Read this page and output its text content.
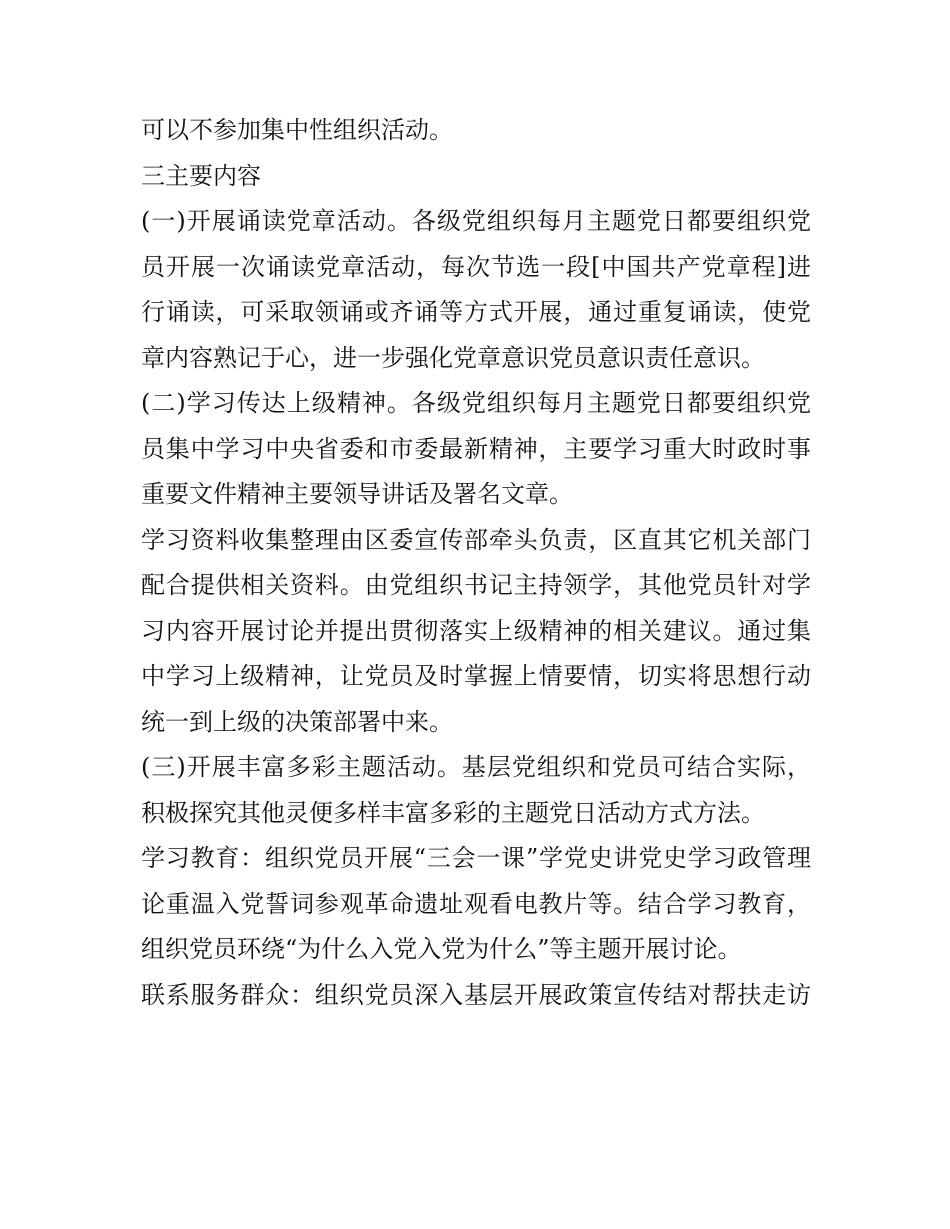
可以不参加集中性组织活动。
三主要内容
(一)开展诵读党章活动。各级党组织每月主题党日都要组织党
员开展一次诵读党章活动，每次节选一段[中国共产党章程]进
行诵读，可采取领诵或齐诵等方式开展，通过重复诵读，使党
章内容熟记于心，进一步强化党章意识党员意识责任意识。
(二)学习传达上级精神。各级党组织每月主题党日都要组织党
员集中学习中央省委和市委最新精神，主要学习重大时政时事
重要文件精神主要领导讲话及署名文章。
学习资料收集整理由区委宣传部牵头负责，区直其它机关部门
配合提供相关资料。由党组织书记主持领学，其他党员针对学
习内容开展讨论并提出贯彻落实上级精神的相关建议。通过集
中学习上级精神，让党员及时掌握上情要情，切实将思想行动
统一到上级的决策部署中来。
(三)开展丰富多彩主题活动。基层党组织和党员可结合实际，
积极探究其他灵便多样丰富多彩的主题党日活动方式方法。
学习教育：组织党员开展“三会一课”学党史讲党史学习政管理
论重温入党誓词参观革命遗址观看电教片等。结合学习教育，
组织党员环绕“为什么入党入党为什么”等主题开展讨论。
联系服务群众：组织党员深入基层开展政策宣传结对帮扶走访
